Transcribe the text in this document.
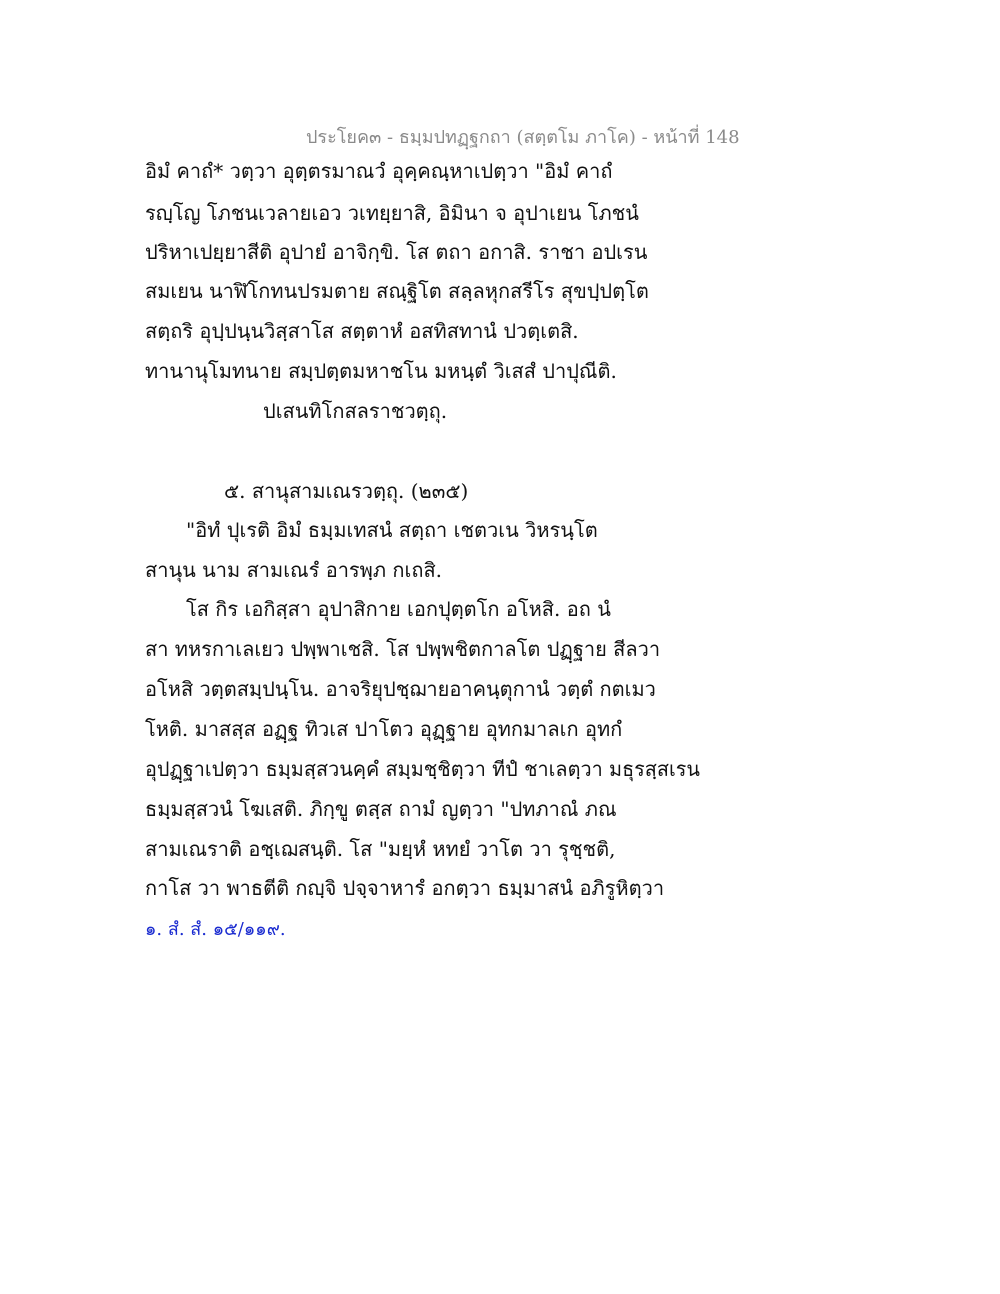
ประโยค๓ - ธมฺมปทฏฺฐกถา (สตฺตโม ภาโค) - หน้าที่ 148
อิมํ คาถํ* วตฺวา อุตฺตรมาณวํ อุคฺคณฺหาเปตฺวา "อิมํ คาถํ
รญฺโญ โภชนเวลายเอว วเทยฺยาสิ, อิมินา จ อุปาเยน โภชนํ
ปริหาเปยฺยาสีติ อุปายํ อาจิกฺขิ. โส ตถา อกาสิ. ราชา อปเรน
สมเยน นาฬิโกทนปรมตาย สณฺฐิโต สลฺลหุกสรีโร สุขปฺปตฺโต
สตฺถริ อุปฺปนฺนวิสฺสาโส สตฺตาหํ อสทิสทานํ ปวตฺเตสิ.
ทานานุโมทนาย สมฺปตฺตมหาชโน มหนฺตํ วิเสสํ ปาปุณีติ.
ปเสนทิโกสลราชวตฺถุ.
๕. สานุสามเณรวตฺถุ. (๒๓๕)
"อิทํ ปุเรติ อิมํ ธมฺมเทสนํ สตฺถา เชตวเน วิหรนฺโต
สานุน นาม สามเณรํ อารพฺภ กเถสิ.
โส กิร เอกิสฺสา อุปาสิกาย เอกปุตฺตโก อโหสิ. อถ นํ
สา ทหรกาเลเยว ปพฺพาเชสิ. โส ปพฺพชิตกาลโต ปฏฺฐาย สีลวา
อโหสิ วตฺตสมฺปนฺโน. อาจริยุปชฺฌายอาคนฺตุกานํ วตฺตํ กตเมว
โหติ. มาสสฺส อฏฺฐ ทิวเส ปาโตว อุฏฺฐาย อุทกมาลเก อุทกํ
อุปฏฺฐาเปตฺวา ธมฺมสฺสวนคฺคํ สมฺมชฺชิตฺวา ทีปํ ชาเลตฺวา มธุรสฺสเรน
ธมฺมสฺสวนํ โฆเสติ. ภิกฺขู ตสฺส ถามํ ญตฺวา "ปทภาณํ ภณ
สามเณราติ อชฺเฌสนฺติ. โส "มยฺหํ หทยํ วาโต วา รุชฺชติ,
กาโส วา พาธตีติ กญฺจิ ปจฺจาหารํ อกตฺวา ธมฺมาสนํ อภิรูหิตฺวา
๑. สํ. สํ. ๑๕/๑๑๙.
